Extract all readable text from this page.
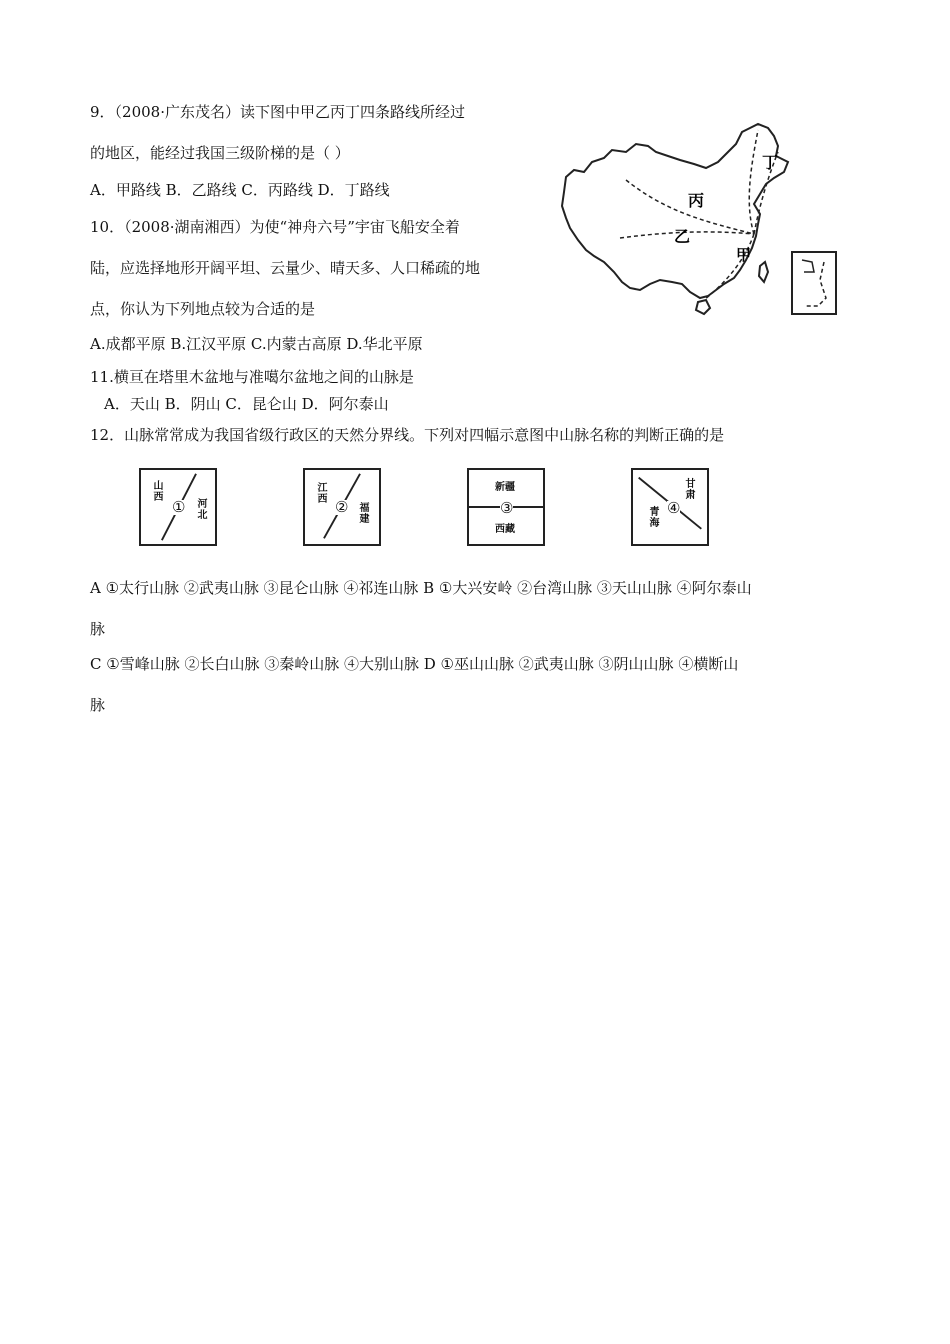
9．（2008·广东茂名）读下图中甲乙丙丁四条路线所经过
的地区，能经过我国三级阶梯的是（ ）
A．甲路线 B．乙路线 C．丙路线 D．丁路线
10．（2008·湖南湘西）为使“神舟六号”宇宙飞船安全着
陆，应选择地形开阔平坦、云量少、晴天多、人口稀疏的地
点，你认为下列地点较为合适的是
A.成都平原 B.江汉平原 C.内蒙古高原 D.华北平原
11.横亘在塔里木盆地与准噶尔盆地之间的山脉是
A．天山 B．阴山 C．昆仑山 D．阿尔泰山
12．山脉常常成为我国省级行政区的天然分界线。下列对四幅示意图中山脉名称的判断正确的是
丙
乙
甲
丁
山西
河北
①
江西
福建
②
新疆
西藏
③
甘肃
青海 ④
A ①太行山脉 ②武夷山脉 ③昆仑山脉 ④祁连山脉 B ①大兴安岭 ②台湾山脉 ③天山山脉 ④阿尔泰山
脉
C ①雪峰山脉 ②长白山脉 ③秦岭山脉 ④大别山脉 D ①巫山山脉 ②武夷山脉 ③阴山山脉 ④横断山
脉
